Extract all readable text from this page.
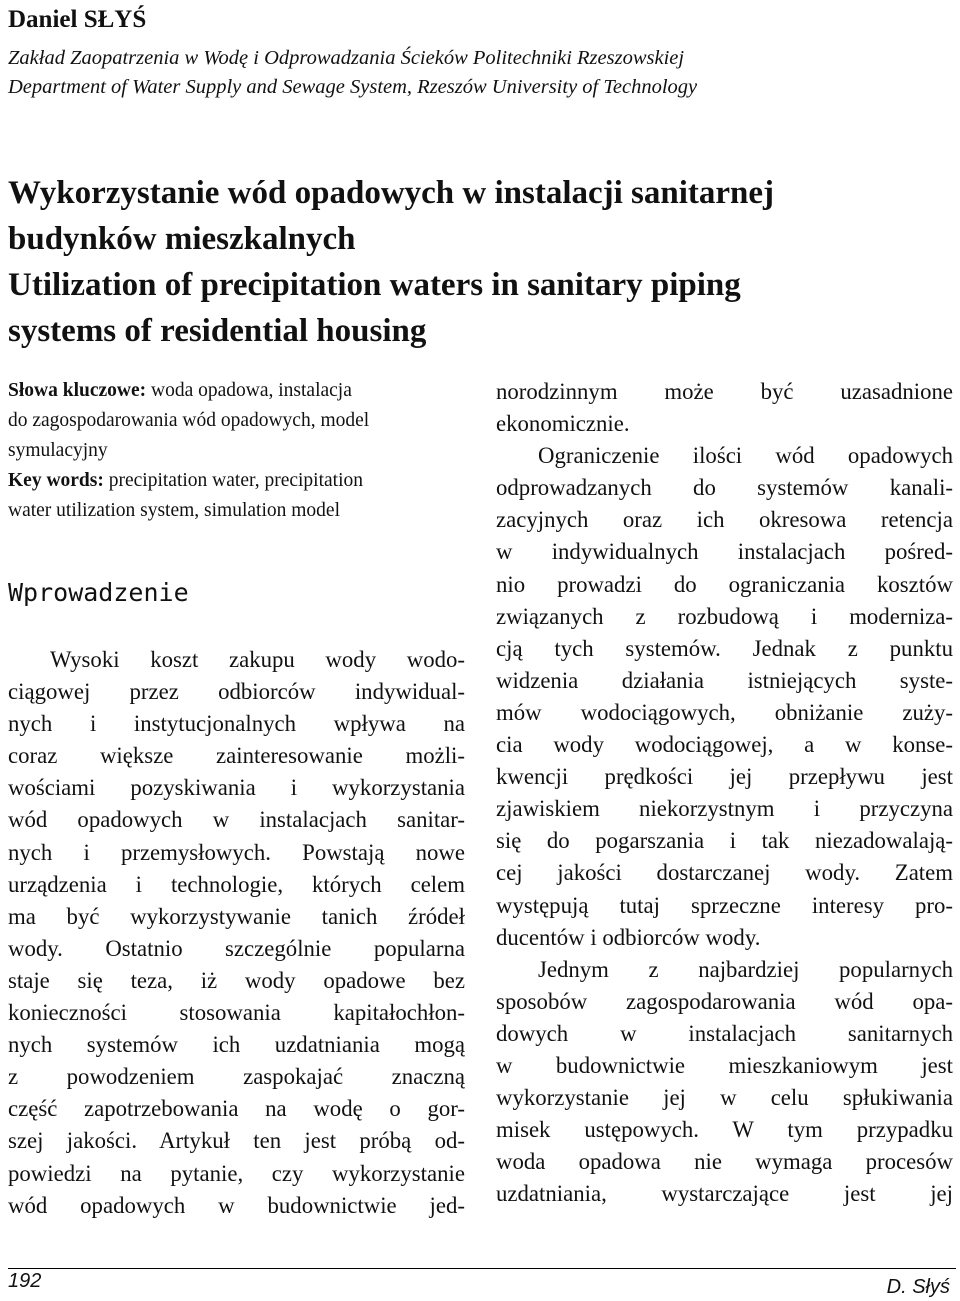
Daniel SŁYŚ
Zakład Zaopatrzenia w Wodę i Odprowadzania Ścieków Politechniki Rzeszowskiej
Department of Water Supply and Sewage System, Rzeszów University of Technology
Wykorzystanie wód opadowych w instalacji sanitarnej
budynków mieszkalnych
Utilization of precipitation waters in sanitary piping
systems of residential housing
Słowa kluczowe: woda opadowa, instalacja
do zagospodarowania wód opadowych, model
symulacyjny
Key words: precipitation water, precipitation
water utilization system, simulation model
Wprowadzenie
Wysoki koszt zakupu wody wodo-
ciągowej przez odbiorców indywidual-
nych i instytucjonalnych wpływa na
coraz większe zainteresowanie możli-
wościami pozyskiwania i wykorzystania
wód opadowych w instalacjach sanitar-
nych i przemysłowych. Powstają nowe
urządzenia i technologie, których celem
ma być wykorzystywanie tanich źródeł
wody. Ostatnio szczególnie popularna
staje się teza, iż wody opadowe bez
konieczności stosowania kapitałochłon-
nych systemów ich uzdatniania mogą
z powodzeniem zaspokajać znaczną
część zapotrzebowania na wodę o gor-
szej jakości. Artykuł ten jest próbą od-
powiedzi na pytanie, czy wykorzystanie
wód opadowych w budownictwie jed-
norodzinnym może być uzasadnione
ekonomicznie.
Ograniczenie ilości wód opadowych
odprowadzanych do systemów kanali-
zacyjnych oraz ich okresowa retencja
w indywidualnych instalacjach pośred-
nio prowadzi do ograniczania kosztów
związanych z rozbudową i moderniza-
cją tych systemów. Jednak z punktu
widzenia działania istniejących syste-
mów wodociągowych, obniżanie zuży-
cia wody wodociągowej, a w konse-
kwencji prędkości jej przepływu jest
zjawiskiem niekorzystnym i przyczyna
się do pogarszania i tak niezadowalają-
cej jakości dostarczanej wody. Zatem
występują tutaj sprzeczne interesy pro-
ducentów i odbiorców wody.
Jednym z najbardziej popularnych
sposobów zagospodarowania wód opa-
dowych w instalacjach sanitarnych
w budownictwie mieszkaniowym jest
wykorzystanie jej w celu spłukiwania
misek ustępowych. W tym przypadku
woda opadowa nie wymaga procesów
uzdatniania, wystarczające jest jej
192	D. Słyś
